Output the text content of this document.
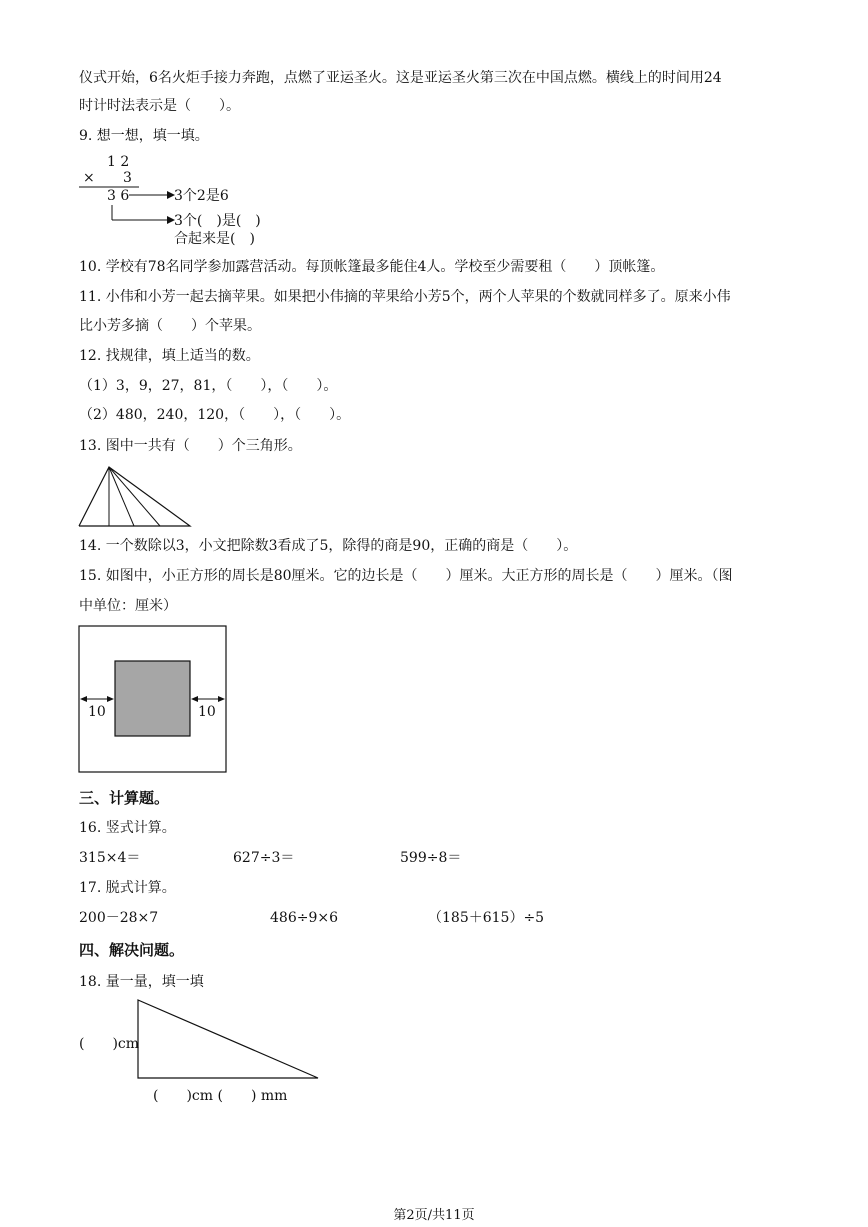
仪式开始，6名火炬手接力奔跑，点燃了亚运圣火。这是亚运圣火第三次在中国点燃。横线上的时间用24
时计时法表示是（　　）。
9. 想一想，填一填。
1 2
× 3
3 6	3个2是6
3个(　)是(　)
合起来是(　)
10. 学校有78名同学参加露营活动。每顶帐篷最多能住4人。学校至少需要租（　　）顶帐篷。
11. 小伟和小芳一起去摘苹果。如果把小伟摘的苹果给小芳5个，两个人苹果的个数就同样多了。原来小伟
比小芳多摘（　　）个苹果。
12. 找规律，填上适当的数。
（1）3，9，27，81，（　　），（　　）。
（2）480，240，120，（　　），（　　）。
13. 图中一共有（　　）个三角形。
14. 一个数除以3，小文把除数3看成了5，除得的商是90，正确的商是（　　）。
15. 如图中，小正方形的周长是80厘米。它的边长是（　　）厘米。大正方形的周长是（　　）厘米。（图
中单位：厘米）
10	10
三、计算题。
16. 竖式计算。
315×4＝	627÷3＝	599÷8＝
17. 脱式计算。
200－28×7	486÷9×6	（185＋615）÷5
四、解决问题。
18. 量一量，填一填
(　　)cm
(　　)cm (　　) mm
第2页/共11页
